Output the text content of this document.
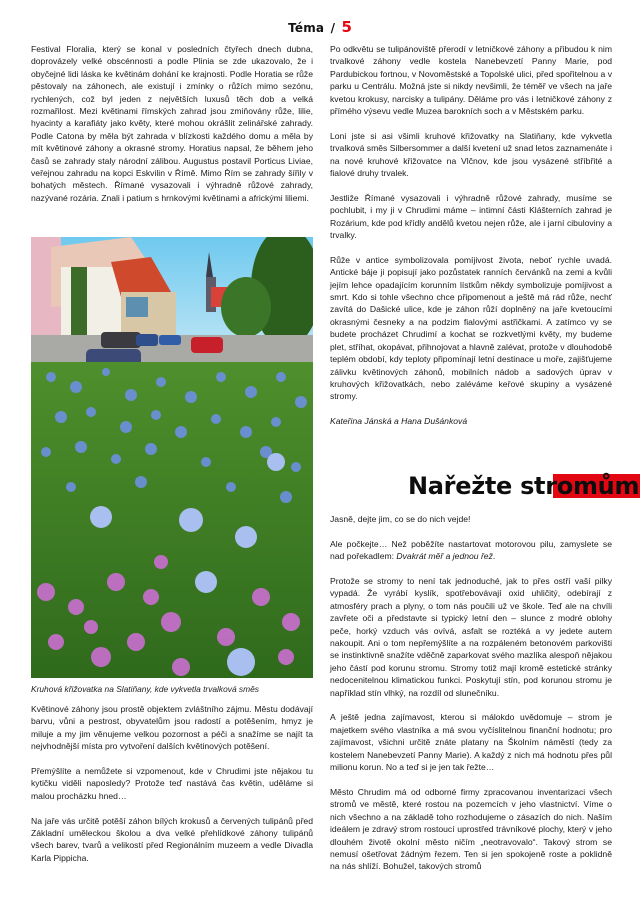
Téma / 5

Festival Floralia, který se konal v posledních čtyřech dnech dubna, doprovázely velké obscénnosti a podle Plinia se zde ukazovalo, že i obyčejné lidi láska ke květinám dohání ke krajnosti. Podle Horatia se růže pěstovaly na záhonech, ale existují i zmínky o růžích mimo sezónu, rychlených, což byl jeden z největších luxusů těch dob a velká rozmařilost. Mezi květinami římských zahrad jsou zmiňovány růže, lilie, hyacinty a karafiáty jako květy, které mohou okrášlit zelinářské zahrady. Podle Catona by měla být zahrada v blízkosti každého domu a měla by mít květinové záhony a okrasné stromy. Horatius napsal, že během jeho časů se zahrady staly národní zálibou. Augustus postavil Porticus Liviae, veřejnou zahradu na kopci Eskvilin v Římě. Mimo Řím se zahrady šířily v bohatých městech. Římané vysazovali i výhradně růžové zahrady, nazývané rozária. Znali i patium s hrnkovými květinami a africkými liliemi.

Kruhová křižovatka na Slatiňany, kde vykvetla trvalková směs

Květinové záhony jsou prostě objektem zvláštního zájmu. Městu dodávají barvu, vůni a pestrost, obyvatelům jsou radostí a potěšením, hmyz je miluje a my jim věnujeme velkou pozornost a péči a snažíme se najít ta nejvhodnější místa pro vytvoření dalších květinových potěšení.

Přemýšlíte a nemůžete si vzpomenout, kde v Chrudimi jste nějakou tu kytičku viděli naposledy? Protože teď nastává čas květin, uděláme si malou procházku hned…

Na jaře vás určitě potěší záhon bílých krokusů a červených tulipánů před Základní uměleckou školou a dva velké přehlídkové záhony tulipánů všech barev, tvarů a velikostí před Regionálním muzeem a vedle Divadla Karla Pippicha.

Po odkvětu se tulipánoviště přerodí v letničkové záhony a přibudou k nim trvalkové záhony vedle kostela Nanebevzetí Panny Marie, pod Pardubickou fortnou, v Novoměstské a Topolské ulici, před spořitelnou a v parku u Centrálu. Možná jste si nikdy nevšimli, že téměř ve všech na jaře kvetou krokusy, narcisky a tulipány. Děláme pro vás i letničkové záhony z přímého výsevu vedle Muzea barokních soch a v Městském parku.

Loni jste si asi všimli kruhové křižovatky na Slatiňany, kde vykvetla trvalková směs Silbersommer a další kvetení už snad letos zaznamenáte i na nové kruhové křižovatce na Vlčnov, kde jsou vysázené stříbřité a fialové druhy trvalek.

Jestliže Římané vysazovali i výhradně růžové zahrady, musíme se pochlubit, i my ji v Chrudimi máme – intimní části Klášterních zahrad je Rozárium, kde pod křídly andělů kvetou nejen růže, ale i jarní cibuloviny a trvalky.

Růže v antice symbolizovala pomíjivost života, neboť rychle uvadá. Antické báje ji popisují jako pozůstatek ranních červánků na zemi a kvůli jejím lehce opadajícím korunním lístkům někdy symbolizuje pomíjivost a smrt. Kdo si tohle všechno chce připomenout a ještě má rád růže, nechť zavítá do Dašické ulice, kde je záhon růží doplněný na jaře kvetoucími okrasnými česneky a na podzim fialovými astřičkami. A zatímco vy se budete procházet Chrudimí a kochat se rozkvetlými květy, my budeme plet, stříhat, okopávat, přihnojovat a hlavně zalévat, protože v dlouhodobě teplém období, kdy teploty připomínají letní destinace u moře, zajišťujeme zálivku květinových záhonů, mobilních nádob a sadových úprav v kruhových křižovatkách, nebo zaléváme keřové skupiny a vysázené stromy.

Kateřina Jánská a Hana Dušánková

Nařežte stromům

Jasně, dejte jim, co se do nich vejde!

Ale počkejte… Než poběžíte nastartovat motorovou pilu, zamyslete se nad pořekadlem: Dvakrát měř a jednou řež.

Protože se stromy to není tak jednoduché, jak to přes ostří vaší pilky vypadá. Že vyrábí kyslík, spotřebovávají oxid uhličitý, odebírají z atmosféry prach a plyny, o tom nás poučili už ve škole. Teď ale na chvíli zavřete oči a představte si typický letní den – slunce z modré oblohy peče, horký vzduch vás ovívá, asfalt se roztéká a vy jedete autem nakoupit. Ani o tom nepřemýšlíte a na rozpáleném betonovém parkovišti se instinktivně snažíte vděčně zaparkovat svého mazlíka alespoň nějakou jeho částí pod korunu stromu. Stromy totiž mají kromě estetické stránky nedocenitelnou klimatickou funkci. Poskytují stín, pod korunou stromu je například stín vlhký, na rozdíl od slunečníku.

A ještě jedna zajímavost, kterou si málokdo uvědomuje – strom je majetkem svého vlastníka a má svou vyčíslitelnou finanční hodnotu; pro zajímavost, všichni určitě znáte platany na Školním náměstí (tedy za kostelem Nanebevzetí Panny Marie). A každý z nich má hodnotu přes půl milionu korun. No a teď si je jen tak řežte…

Město Chrudim má od odborné firmy zpracovanou inventarizaci všech stromů ve městě, které rostou na pozemcích v jeho vlastnictví. Víme o nich všechno a na základě toho rozhodujeme o zásazích do nich. Naším ideálem je zdravý strom rostoucí uprostřed trávníkové plochy, který v jeho dlouhém životě okolní město ničím „neotravovalo“. Takový strom se nemusí ošetřovat žádným řezem. Ten si jen spokojeně roste a poklidně na nás shlíží. Bohužel, takových stromů
